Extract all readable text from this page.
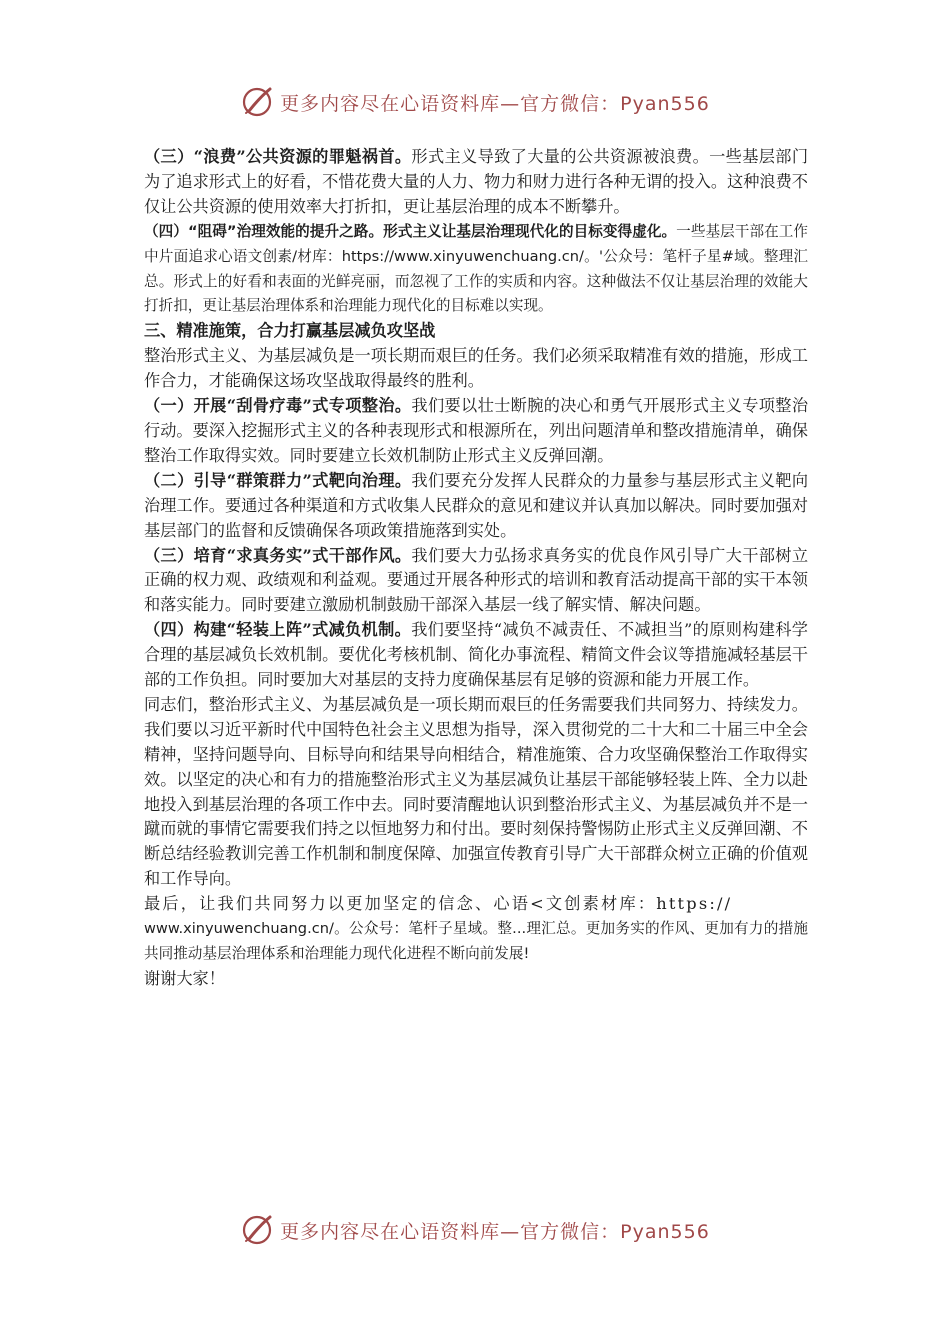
更多内容尽在心语资料库—官方微信：Pyan556

（三）“浪费”公共资源的罪魁祸首。形式主义导致了大量的公共资源被浪费。一些基层部门为了追求形式上的好看，不惜花费大量的人力、物力和财力进行各种无谓的投入。这种浪费不仅让公共资源的使用效率大打折扣，更让基层治理的成本不断攀升。

（四）“阻碍”治理效能的提升之路。形式主义让基层治理现代化的目标变得虚化。一些基层干部在工作中片面追求心语文创素/材库：https://www.xinyuwenchuang.cn/。'公众号：笔杆子星#域。整理汇总。形式上的好看和表面的光鲜亮丽，而忽视了工作的实质和内容。这种做法不仅让基层治理的效能大打折扣，更让基层治理体系和治理能力现代化的目标难以实现。

三、精准施策，合力打赢基层减负攻坚战

整治形式主义、为基层减负是一项长期而艰巨的任务。我们必须采取精准有效的措施，形成工作合力，才能确保这场攻坚战取得最终的胜利。

（一）开展“刮骨疗毒”式专项整治。我们要以壮士断腕的决心和勇气开展形式主义专项整治行动。要深入挖掘形式主义的各种表现形式和根源所在，列出问题清单和整改措施清单，确保整治工作取得实效。同时要建立长效机制防止形式主义反弹回潮。

（二）引导“群策群力”式靶向治理。我们要充分发挥人民群众的力量参与基层形式主义靶向治理工作。要通过各种渠道和方式收集人民群众的意见和建议并认真加以解决。同时要加强对基层部门的监督和反馈确保各项政策措施落到实处。

（三）培育“求真务实”式干部作风。我们要大力弘扬求真务实的优良作风引导广大干部树立正确的权力观、政绩观和利益观。要通过开展各种形式的培训和教育活动提高干部的实干本领和落实能力。同时要建立激励机制鼓励干部深入基层一线了解实情、解决问题。

（四）构建“轻装上阵”式减负机制。我们要坚持“减负不减责任、不减担当”的原则构建科学合理的基层减负长效机制。要优化考核机制、简化办事流程、精简文件会议等措施减轻基层干部的工作负担。同时要加大对基层的支持力度确保基层有足够的资源和能力开展工作。

同志们，整治形式主义、为基层减负是一项长期而艰巨的任务需要我们共同努力、持续发力。我们要以习近平新时代中国特色社会主义思想为指导，深入贯彻党的二十大和二十届三中全会精神，坚持问题导向、目标导向和结果导向相结合，精准施策、合力攻坚确保整治工作取得实效。以坚定的决心和有力的措施整治形式主义为基层减负让基层干部能够轻装上阵、全力以赴地投入到基层治理的各项工作中去。同时要清醒地认识到整治形式主义、为基层减负并不是一蹴而就的事情它需要我们持之以恒地努力和付出。要时刻保持警惕防止形式主义反弹回潮、不断总结经验教训完善工作机制和制度保障、加强宣传教育引导广大干部群众树立正确的价值观和工作导向。

最后，让我们共同努力以更加坚定的信念、心语<文创素材库：https://

www.xinyuwenchuang.cn/。公众号：笔杆子星域。整...理汇总。更加务实的作风、更加有力的措施共同推动基层治理体系和治理能力现代化进程不断向前发展!

谢谢大家！

更多内容尽在心语资料库—官方微信：Pyan556
